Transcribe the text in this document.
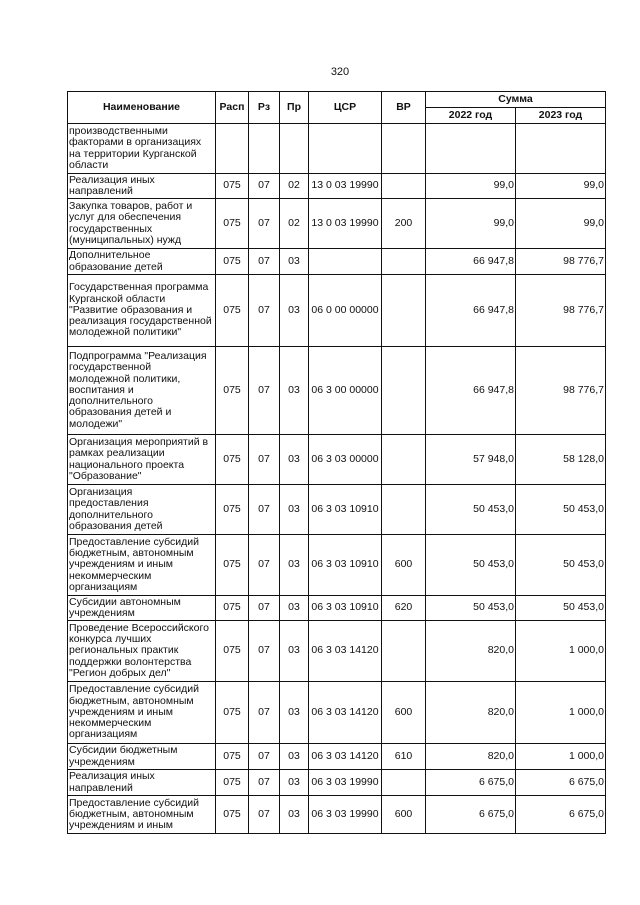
320
Наименование	Расп	Рз	Пр	ЦСР	ВР	Сумма	
						2022 год	2023 год
производственными факторами в организациях на территории Курганской области							
Реализация иных направлений	075	07	02	13 0 03 19990		99,0	99,0
Закупка товаров, работ и услуг для обеспечения государственных (муниципальных) нужд	075	07	02	13 0 03 19990	200	99,0	99,0
Дополнительное образование детей	075	07	03			66 947,8	98 776,7
Государственная программа Курганской области "Развитие образования и реализация государственной молодежной политики"	075	07	03	06 0 00 00000		66 947,8	98 776,7
Подпрограмма "Реализация государственной молодежной политики, воспитания и дополнительного образования детей и молодежи"	075	07	03	06 3 00 00000		66 947,8	98 776,7
Организация мероприятий в рамках реализации национального проекта "Образование"	075	07	03	06 3 03 00000		57 948,0	58 128,0
Организация предоставления дополнительного образования детей	075	07	03	06 3 03 10910		50 453,0	50 453,0
Предоставление субсидий бюджетным, автономным учреждениям и иным некоммерческим организациям	075	07	03	06 3 03 10910	600	50 453,0	50 453,0
Субсидии автономным учреждениям	075	07	03	06 3 03 10910	620	50 453,0	50 453,0
Проведение Всероссийского конкурса лучших региональных практик поддержки волонтерства "Регион добрых дел"	075	07	03	06 3 03 14120		820,0	1 000,0
Предоставление субсидий бюджетным, автономным учреждениям и иным некоммерческим организациям	075	07	03	06 3 03 14120	600	820,0	1 000,0
Субсидии бюджетным учреждениям	075	07	03	06 3 03 14120	610	820,0	1 000,0
Реализация иных направлений	075	07	03	06 3 03 19990		6 675,0	6 675,0
Предоставление субсидий бюджетным, автономным учреждениям и иным	075	07	03	06 3 03 19990	600	6 675,0	6 675,0
